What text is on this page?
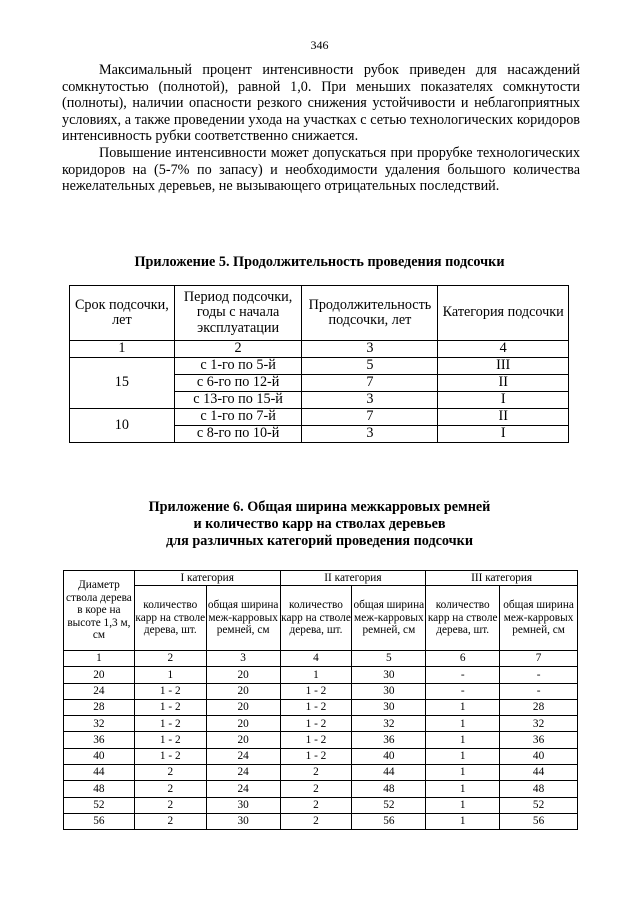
346

Максимальный процент интенсивности рубок приведен для насаждений сомкнутостью (полнотой), равной 1,0. При меньших показателях сомкнутости (полноты), наличии опасности резкого снижения устойчивости и неблагоприятных условиях, а также проведении ухода на участках с сетью технологических коридоров интенсивность рубки соответственно снижается.

Повышение интенсивности может допускаться при прорубке технологических коридоров на (5-7% по запасу) и необходимости удаления большого количества нежелательных деревьев, не вызывающего отрицательных последствий.

Приложение 5. Продолжительность проведения подсочки
Срок подсочки, лет	Период подсочки, годы с начала эксплуатации	Продолжительность подсочки, лет	Категория подсочки
1	2	3	4
15	с 1-го по 5-й	5	III
	с 6-го по 12-й	7	II
	с 13-го по 15-й	3	I
10	с 1-го по 7-й	7	II
	с 8-го по 10-й	3	I
Приложение 6. Общая ширина межкарровых ремней
и количество карр на стволах деревьев
для различных категорий проведения подсочки
Диаметр ствола дерева в коре на высоте 1,3 м, см	I категория		II категория		III категория	
	количество карр на стволе дерева, шт.	общая ширина меж-карровых ремней, см	количество карр на стволе дерева, шт.	общая ширина меж-карровых ремней, см	количество карр на стволе дерева, шт.	общая ширина меж-карровых ремней, см
1	2	3	4	5	6	7
20	1	20	1	30	-	-
24	1 - 2	20	1 - 2	30	-	-
28	1 - 2	20	1 - 2	30	1	28
32	1 - 2	20	1 - 2	32	1	32
36	1 - 2	20	1 - 2	36	1	36
40	1 - 2	24	1 - 2	40	1	40
44	2	24	2	44	1	44
48	2	24	2	48	1	48
52	2	30	2	52	1	52
56	2	30	2	56	1	56
